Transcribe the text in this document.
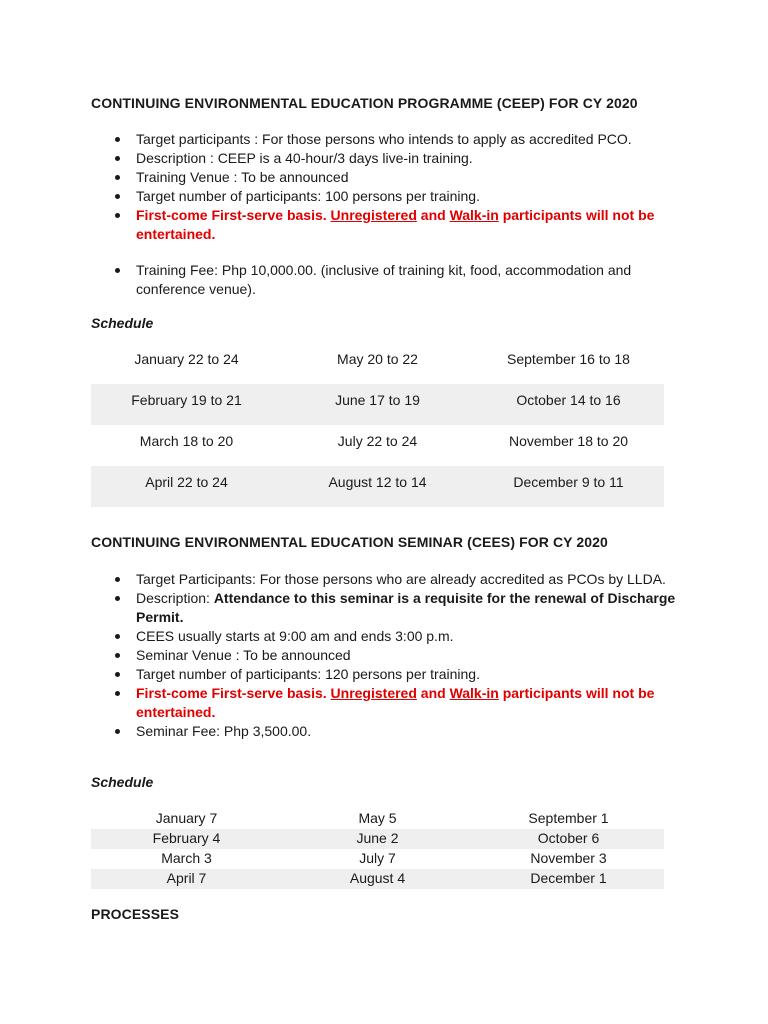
CONTINUING ENVIRONMENTAL EDUCATION PROGRAMME (CEEP) FOR CY 2020
Target participants : For those persons who intends to apply as accredited PCO.
Description : CEEP is a 40-hour/3 days live-in training.
Training Venue : To be announced
Target number of participants: 100 persons per training.
First-come First-serve basis. Unregistered and Walk-in participants will not be entertained.
Training Fee: Php 10,000.00. (inclusive of training kit, food, accommodation and conference venue).
Schedule
January 22 to 24	May 20 to 22	September 16 to 18
February 19 to 21	June 17 to 19	October 14 to 16
March 18 to 20	July 22 to 24	November 18 to 20
April 22 to 24	August 12 to 14	December 9 to 11
CONTINUING ENVIRONMENTAL EDUCATION SEMINAR (CEES) FOR CY 2020
Target Participants: For those persons who are already accredited as PCOs by LLDA.
Description: Attendance to this seminar is a requisite for the renewal of Discharge Permit.
CEES usually starts at 9:00 am and ends 3:00 p.m.
Seminar Venue : To be announced
Target number of participants: 120 persons per training.
First-come First-serve basis. Unregistered and Walk-in participants will not be entertained.
Seminar Fee: Php 3,500.00.
Schedule
January 7	May 5	September 1
February 4	June 2	October 6
March 3	July 7	November 3
April 7	August 4	December 1
PROCESSES
